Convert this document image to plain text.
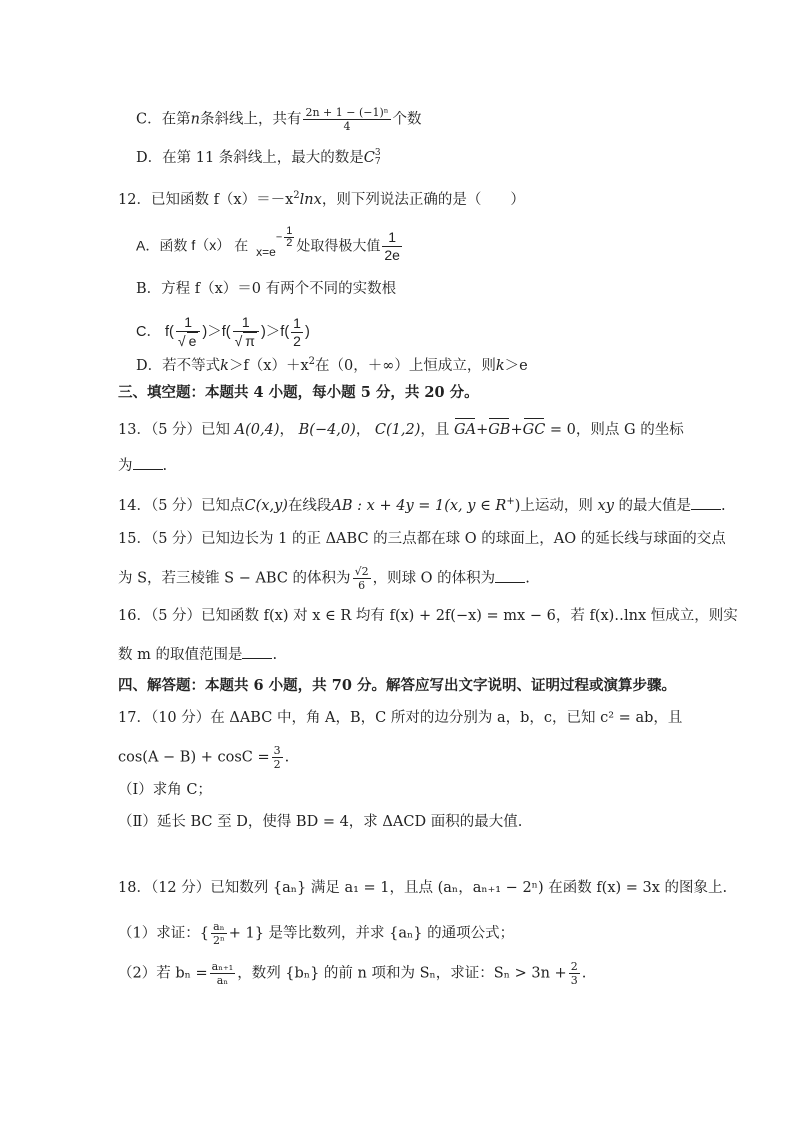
C．在第n条斜线上，共有 $\frac{\text{2n + 1 − (−1)ⁿ}}{4}$ 个数
D．在第 11 条斜线上，最大的数是C 3
7
12．已知函数 $f(x)=-x^2\ln x$，则下列说法正确的是（　　）
A．函数 f（x） 在 $x=e- \frac{1}{2}$ 处取得极大值 $\frac{1}{2e}$
B．方程 f（x）＝0 有两个不同的实数根
C． $f( \frac{1}{√ e} )>f( \frac{1}{√ \pi} )>f( \frac{1}{2}$ )
D．若不等式$k>f(x)+x^2$在（0，＋∞）上恒成立，则k＞e
三、填空题：本题共 4 小题，每小题 5 分，共 20 分。
13．（5 分）已知 A(0,4)， B(−4,0)， C(1,2)，且 GA+GB+GC = 0，则点 G 的坐标
为 .
14．（5 分）已知点C(x,y)在线段AB : x + 4y = 1(x, y ∈ R+)上运动，则 xy 的最大值是 .
15．（5 分）已知边长为 1 的正 ΔABC 的三点都在球 O 的球面上，AO 的延长线与球面的交点
为 S，若三棱锥 S − ABC 的体积为 $\frac{√2}{6}$ ，则球 O 的体积为 .
16．（5 分）已知函数 f(x) 对 x ∈ R 均有 f(x) + 2f(−x) = mx − 6，若 f(x)‥lnx 恒成立，则实
数 m 的取值范围是 .
四、解答题：本题共 6 小题，共 70 分。解答应写出文字说明、证明过程或演算步骤。
17．（10 分）在 ΔABC 中，角 A，B，C 所对的边分别为 a，b，c，已知 c² = ab，且
$\cos(A - B) + \cos C = \frac{3}{2}$ .
（Ⅰ）求角 C；
（Ⅱ）延长 BC 至 D，使得 BD = 4，求 ΔACD 面积的最大值.
18．（12 分）已知数列 {aₙ} 满足 a₁ = 1，且点 (aₙ，aₙ₊₁ − 2ⁿ) 在函数 f(x) = 3x 的图象上.
（1）求证：{ $\frac{\text{aₙ}}{\text{2ⁿ}} + 1$} 是等比数列，并求 {aₙ} 的通项公式；
（2）若 $b_n = \frac{\text{aₙ₊₁}}{\text{aₙ}}$ ，数列 {bₙ} 的前 n 项和为 Sₙ，求证：$S_n > 3n + \frac{2}{3}$ .
